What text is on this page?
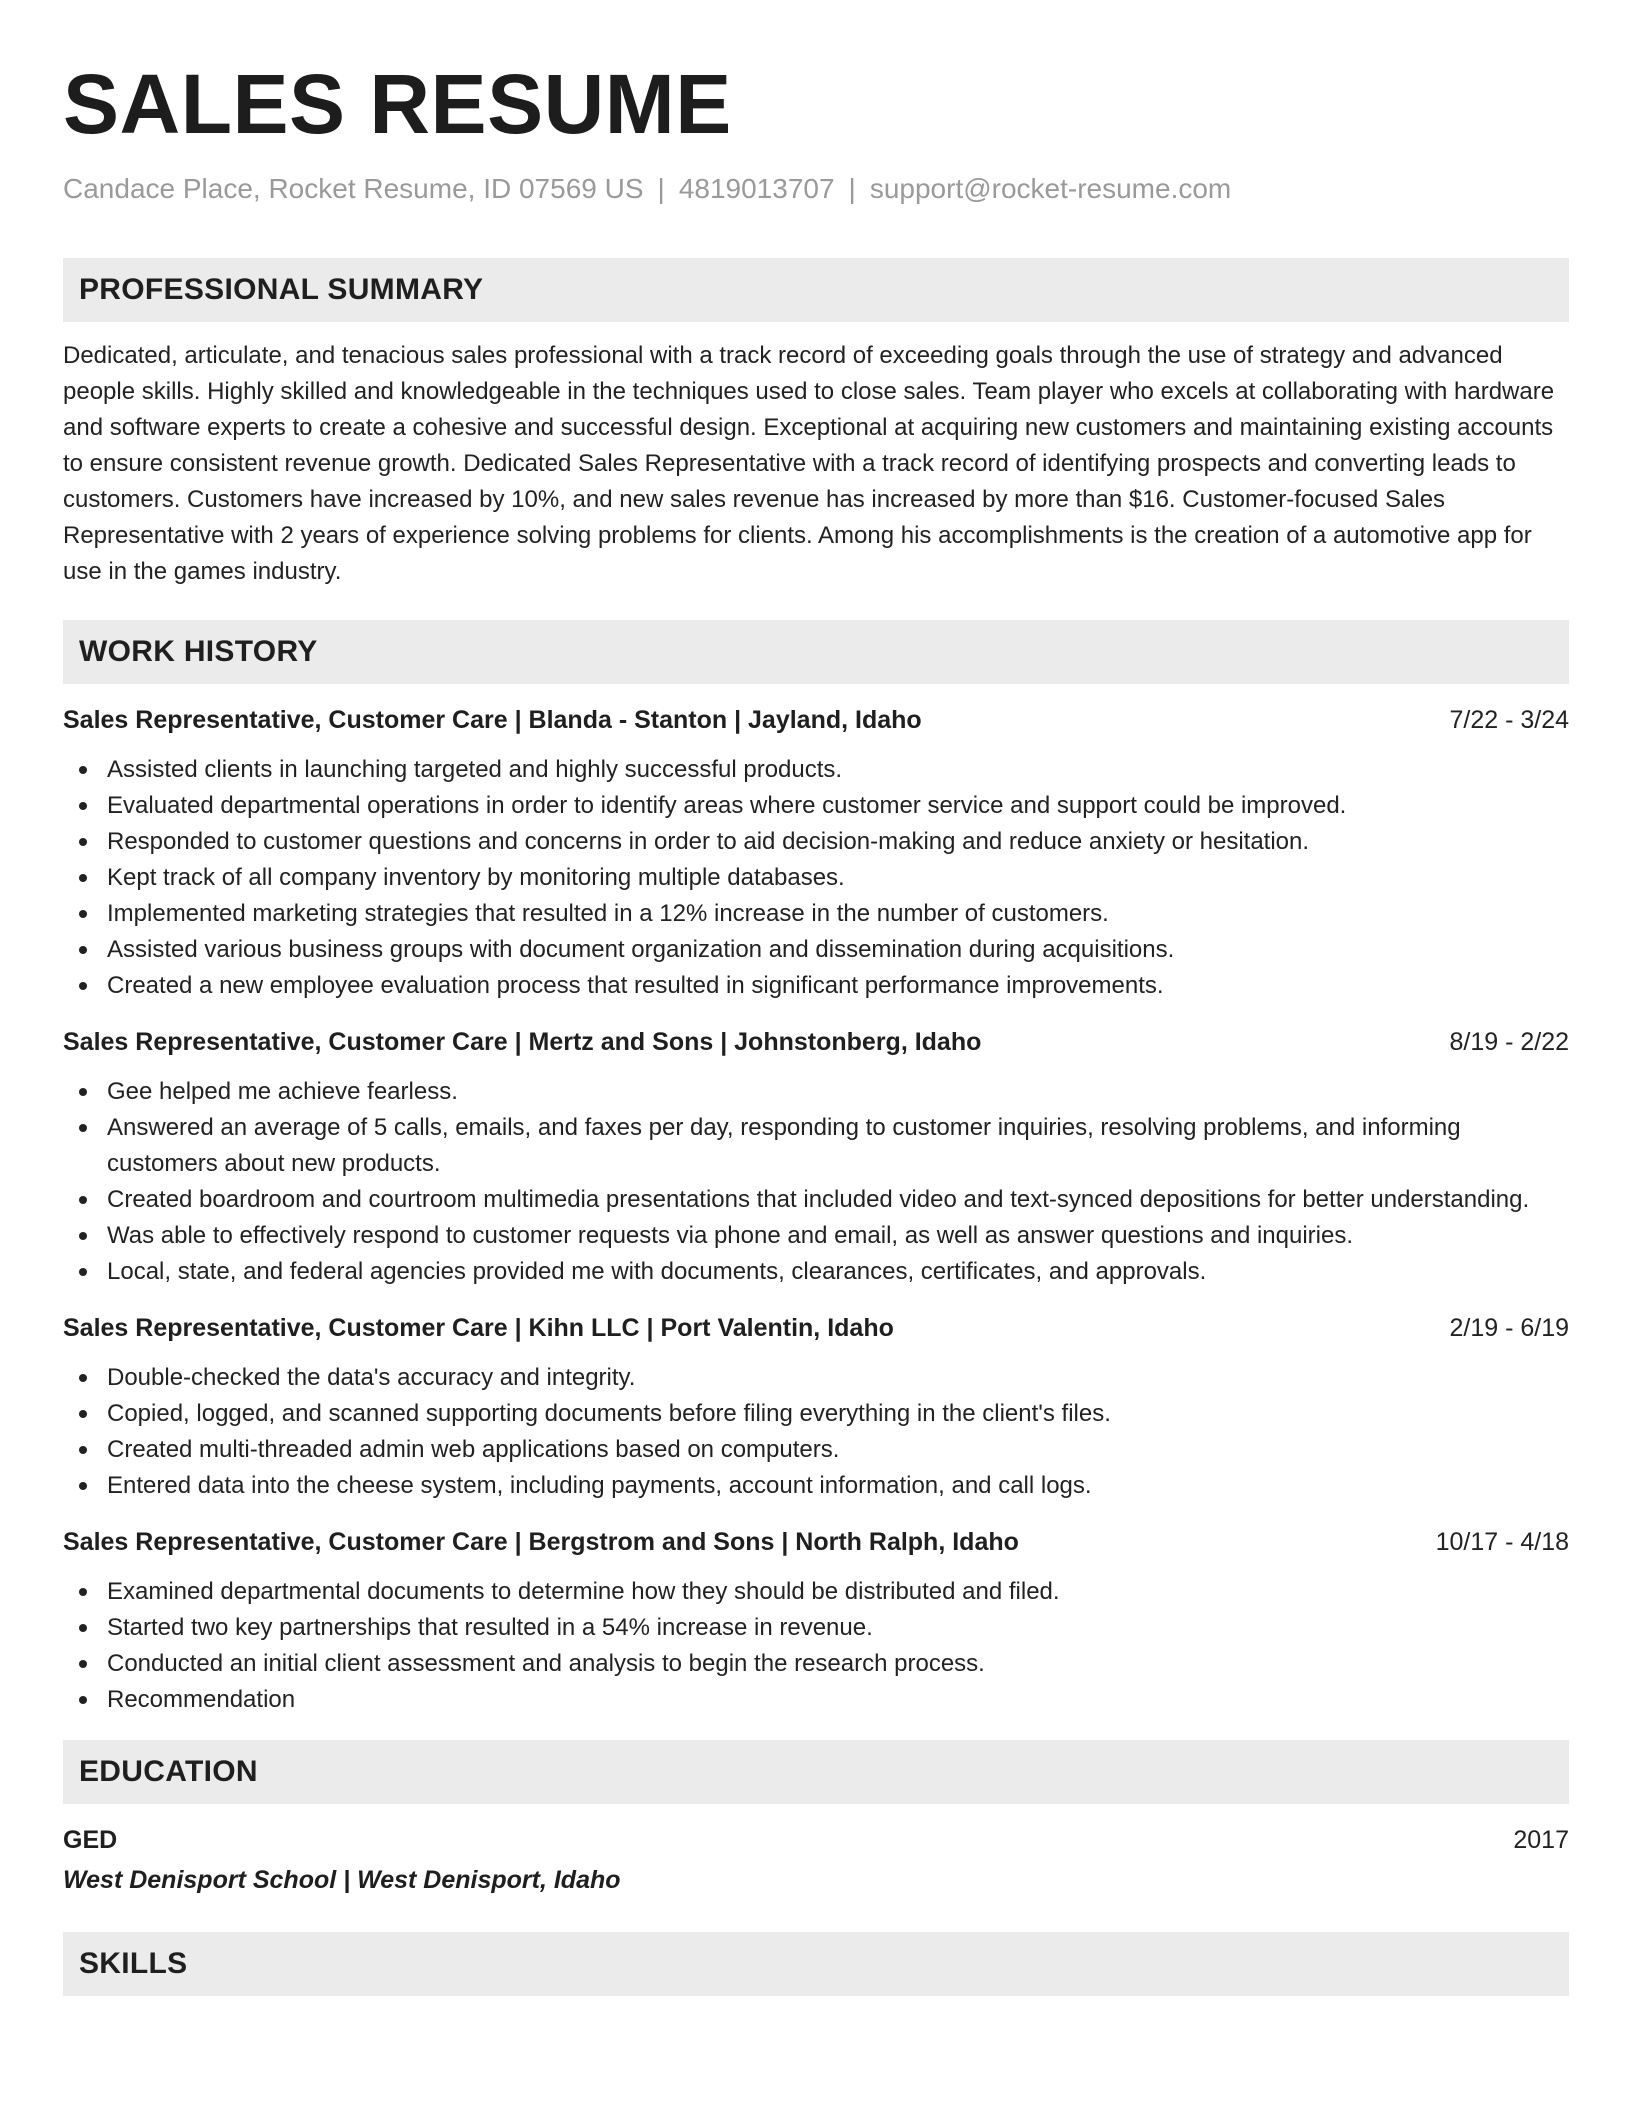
SALES RESUME
Candace Place, Rocket Resume, ID 07569 US | 4819013707 | support@rocket-resume.com
PROFESSIONAL SUMMARY
Dedicated, articulate, and tenacious sales professional with a track record of exceeding goals through the use of strategy and advanced people skills. Highly skilled and knowledgeable in the techniques used to close sales. Team player who excels at collaborating with hardware and software experts to create a cohesive and successful design. Exceptional at acquiring new customers and maintaining existing accounts to ensure consistent revenue growth. Dedicated Sales Representative with a track record of identifying prospects and converting leads to customers. Customers have increased by 10%, and new sales revenue has increased by more than $16. Customer-focused Sales Representative with 2 years of experience solving problems for clients. Among his accomplishments is the creation of a automotive app for use in the games industry.
WORK HISTORY
Sales Representative, Customer Care | Blanda - Stanton | Jayland, Idaho	7/22 - 3/24
Assisted clients in launching targeted and highly successful products.
Evaluated departmental operations in order to identify areas where customer service and support could be improved.
Responded to customer questions and concerns in order to aid decision-making and reduce anxiety or hesitation.
Kept track of all company inventory by monitoring multiple databases.
Implemented marketing strategies that resulted in a 12% increase in the number of customers.
Assisted various business groups with document organization and dissemination during acquisitions.
Created a new employee evaluation process that resulted in significant performance improvements.
Sales Representative, Customer Care | Mertz and Sons | Johnstonberg, Idaho	8/19 - 2/22
Gee helped me achieve fearless.
Answered an average of 5 calls, emails, and faxes per day, responding to customer inquiries, resolving problems, and informing customers about new products.
Created boardroom and courtroom multimedia presentations that included video and text-synced depositions for better understanding.
Was able to effectively respond to customer requests via phone and email, as well as answer questions and inquiries.
Local, state, and federal agencies provided me with documents, clearances, certificates, and approvals.
Sales Representative, Customer Care | Kihn LLC | Port Valentin, Idaho	2/19 - 6/19
Double-checked the data's accuracy and integrity.
Copied, logged, and scanned supporting documents before filing everything in the client's files.
Created multi-threaded admin web applications based on computers.
Entered data into the cheese system, including payments, account information, and call logs.
Sales Representative, Customer Care | Bergstrom and Sons | North Ralph, Idaho	10/17 - 4/18
Examined departmental documents to determine how they should be distributed and filed.
Started two key partnerships that resulted in a 54% increase in revenue.
Conducted an initial client assessment and analysis to begin the research process.
Recommendation
EDUCATION
GED	2017
West Denisport School | West Denisport, Idaho
SKILLS
